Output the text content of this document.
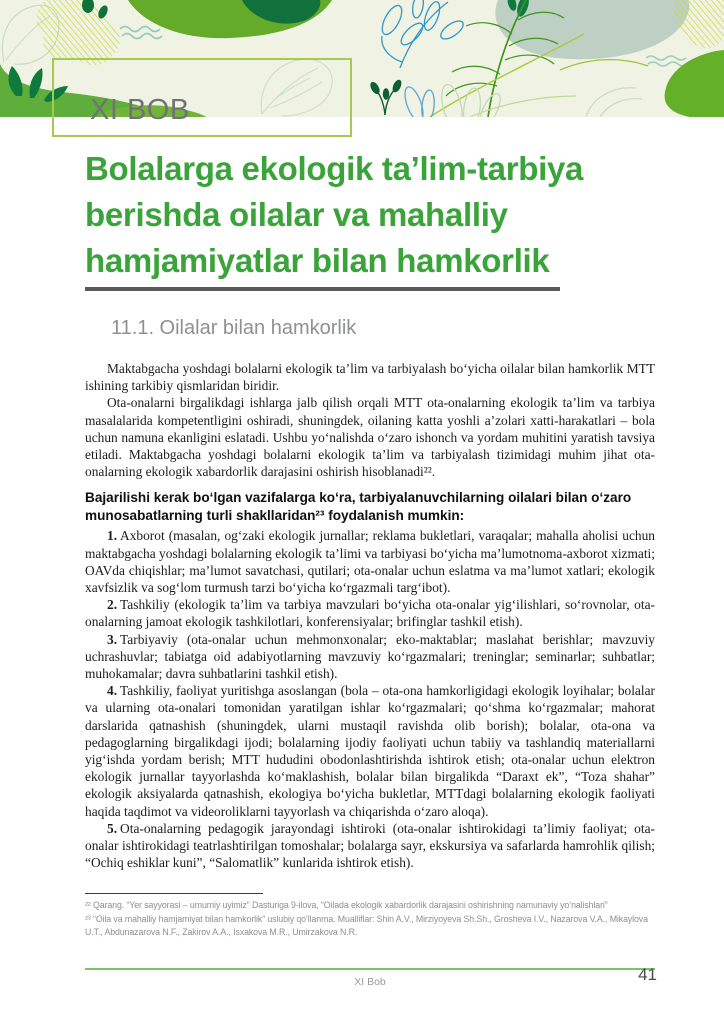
XI BOB
Bolalarga ekologik ta’lim-tarbiya
berishda oilalar va mahalliy
hamjamiyatlar bilan hamkorlik
11.1. Oilalar bilan hamkorlik

Maktabgacha yoshdagi bolalarni ekologik ta’lim va tarbiyalash boʻyicha oilalar bilan hamkorlik MTT ishining tarkibiy qismlaridan biridir.

Ota-onalarni birgalikdagi ishlarga jalb qilish orqali MTT ota-onalarning ekologik ta’lim va tarbiya masalalarida kompetentligini oshiradi, shuningdek, oilaning katta yoshli a’zolari xatti-harakatlari – bola uchun namuna ekanligini eslatadi. Ushbu yoʻnalishda oʻzaro ishonch va yordam muhitini yaratish tavsiya etiladi. Maktabgacha yoshdagi bolalarni ekologik ta’lim va tarbiyalash tizimidagi muhim jihat ota-onalarning ekologik xabardorlik darajasini oshirish hisoblanadi²².

Bajarilishi kerak boʻlgan vazifalarga koʻra, tarbiyalanuvchilarning oilalari bilan oʻzaro munosabatlarning turli shakllaridan²³ foydalanish mumkin:

1. Axborot (masalan, ogʻzaki ekologik jurnallar; reklama bukletlari, varaqalar; mahalla aholisi uchun maktabgacha yoshdagi bolalarning ekologik ta’limi va tarbiyasi boʻyicha ma’lumotnoma-axborot xizmati; OAVda chiqishlar; ma’lumot savatchasi, qutilari; ota-onalar uchun eslatma va ma’lumot xatlari; ekologik xavfsizlik va sogʻlom turmush tarzi boʻyicha koʻrgazmali targʻibot).

2. Tashkiliy (ekologik ta’lim va tarbiya mavzulari boʻyicha ota-onalar yigʻilishlari, soʻrovnolar, ota-onalarning jamoat ekologik tashkilotlari, konferensiyalar; brifinglar tashkil etish).

3. Tarbiyaviy (ota-onalar uchun mehmonxonalar; eko-maktablar; maslahat berishlar; mavzuviy uchrashuvlar; tabiatga oid adabiyotlarning mavzuviy koʻrgazmalari; treninglar; seminarlar; suhbatlar; muhokamalar; davra suhbatlarini tashkil etish).

4. Tashkiliy, faoliyat yuritishga asoslangan (bola – ota-ona hamkorligidagi ekologik loyihalar; bolalar va ularning ota-onalari tomonidan yaratilgan ishlar koʻrgazmalari; qoʻshma koʻrgazmalar; mahorat darslarida qatnashish (shuningdek, ularni mustaqil ravishda olib borish); bolalar, ota-ona va pedagoglarning birgalikdagi ijodi; bolalarning ijodiy faoliyati uchun tabiiy va tashlandiq materiallarni yigʻishda yordam berish; MTT hududini obodonlashtirishda ishtirok etish; ota-onalar uchun elektron ekologik jurnallar tayyorlashda koʻmaklashish, bolalar bilan birgalikda “Daraxt ek”, “Toza shahar” ekologik aksiyalarda qatnashish, ekologiya boʻyicha bukletlar, MTTdagi bolalarning ekologik faoliyati haqida taqdimot va videoroliklarni tayyorlash va chiqarishda oʻzaro aloqa).

5. Ota-onalarning pedagogik jarayondagi ishtiroki (ota-onalar ishtirokidagi ta’limiy faoliyat; ota-onalar ishtirokidagi teatrlashtirilgan tomoshalar; bolalarga sayr, ekskursiya va safarlarda hamrohlik qilish; “Ochiq eshiklar kuni”, “Salomatlik” kunlarida ishtirok etish).

²² Qarang. “Yer sayyorasi – umumiy uyimiz” Dasturiga 9-ilova, “Oilada ekologik xabardorlik darajasini oshirishning namunaviy yoʻnalishlari”
²³ “Oila va mahalliy hamjamiyat bilan hamkorlik” uslubiy qoʻllanma. Mualliflar: Shin A.V., Mirziyoyeva Sh.Sh., Grosheva I.V., Nazarova V.A., Mikaylova U.T., Abdunazarova N.F., Zakirov A.A., Isxakova M.R., Umirzakova N.R.
XI Bob	41
